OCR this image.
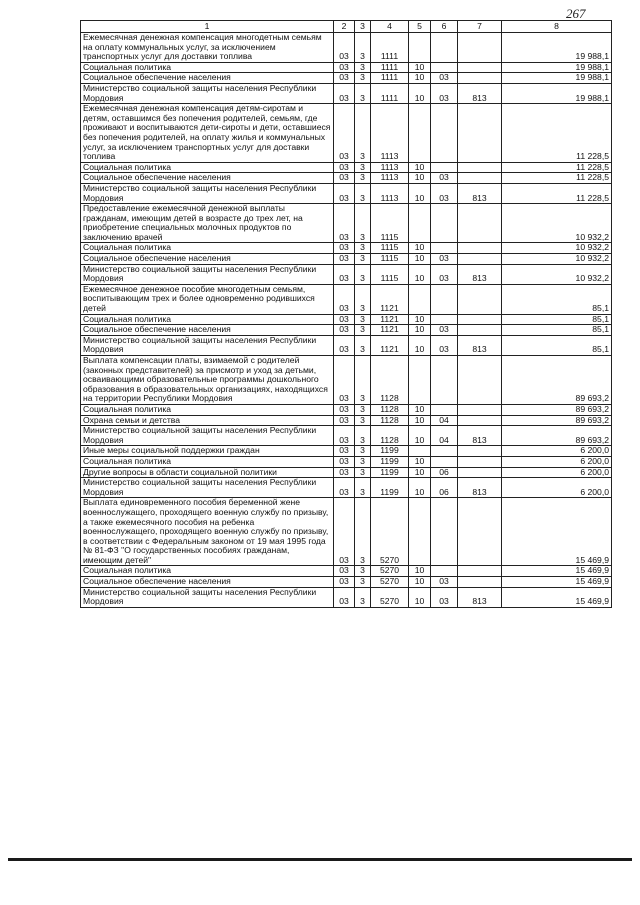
267
1	2	3	4	5	6	7	8
Ежемесячная денежная компенсация многодетным семьям на оплату коммунальных услуг, за исключением транспортных услуг для доставки топлива	03	3	1111				19 988,1
Социальная политика	03	3	1111	10			19 988,1
Социальное обеспечение населения	03	3	1111	10	03		19 988,1
Министерство социальной защиты населения Республики Мордовия	03	3	1111	10	03	813	19 988,1
Ежемесячная денежная компенсация детям-сиротам и детям, оставшимся без попечения родителей, семьям, где проживают и воспитываются дети-сироты и дети, оставшиеся без попечения родителей, на оплату жилья и коммунальных услуг, за исключением транспортных услуг для доставки топлива	03	3	1113				11 228,5
Социальная политика	03	3	1113	10			11 228,5
Социальное обеспечение населения	03	3	1113	10	03		11 228,5
Министерство социальной защиты населения Республики Мордовия	03	3	1113	10	03	813	11 228,5
Предоставление ежемесячной денежной выплаты гражданам, имеющим детей в возрасте до трех лет, на приобретение специальных молочных продуктов по заключению врачей	03	3	1115				10 932,2
Социальная политика	03	3	1115	10			10 932,2
Социальное обеспечение населения	03	3	1115	10	03		10 932,2
Министерство социальной защиты населения Республики Мордовия	03	3	1115	10	03	813	10 932,2
Ежемесячное денежное пособие многодетным семьям, воспитывающим трех и более одновременно родившихся детей	03	3	1121				85,1
Социальная политика	03	3	1121	10			85,1
Социальное обеспечение населения	03	3	1121	10	03		85,1
Министерство социальной защиты населения Республики Мордовия	03	3	1121	10	03	813	85,1
Выплата компенсации платы, взимаемой с родителей (законных представителей) за присмотр и уход за детьми, осваивающими образовательные программы дошкольного образования в образовательных организациях, находящихся на территории Республики Мордовия	03	3	1128				89 693,2
Социальная политика	03	3	1128	10			89 693,2
Охрана семьи и детства	03	3	1128	10	04		89 693,2
Министерство социальной защиты населения Республики Мордовия	03	3	1128	10	04	813	89 693,2
Иные меры социальной поддержки граждан	03	3	1199				6 200,0
Социальная политика	03	3	1199	10			6 200,0
Другие вопросы в области социальной политики	03	3	1199	10	06		6 200,0
Министерство социальной защиты населения Республики Мордовия	03	3	1199	10	06	813	6 200,0
Выплата единовременного пособия беременной жене военнослужащего, проходящего военную службу по призыву, а также ежемесячного пособия на ребенка военнослужащего, проходящего военную службу по призыву, в соответствии с Федеральным законом от 19 мая 1995 года № 81-ФЗ "О государственных пособиях гражданам, имеющим детей"	03	3	5270				15 469,9
Социальная политика	03	3	5270	10			15 469,9
Социальное обеспечение населения	03	3	5270	10	03		15 469,9
Министерство социальной защиты населения Республики Мордовия	03	3	5270	10	03	813	15 469,9
